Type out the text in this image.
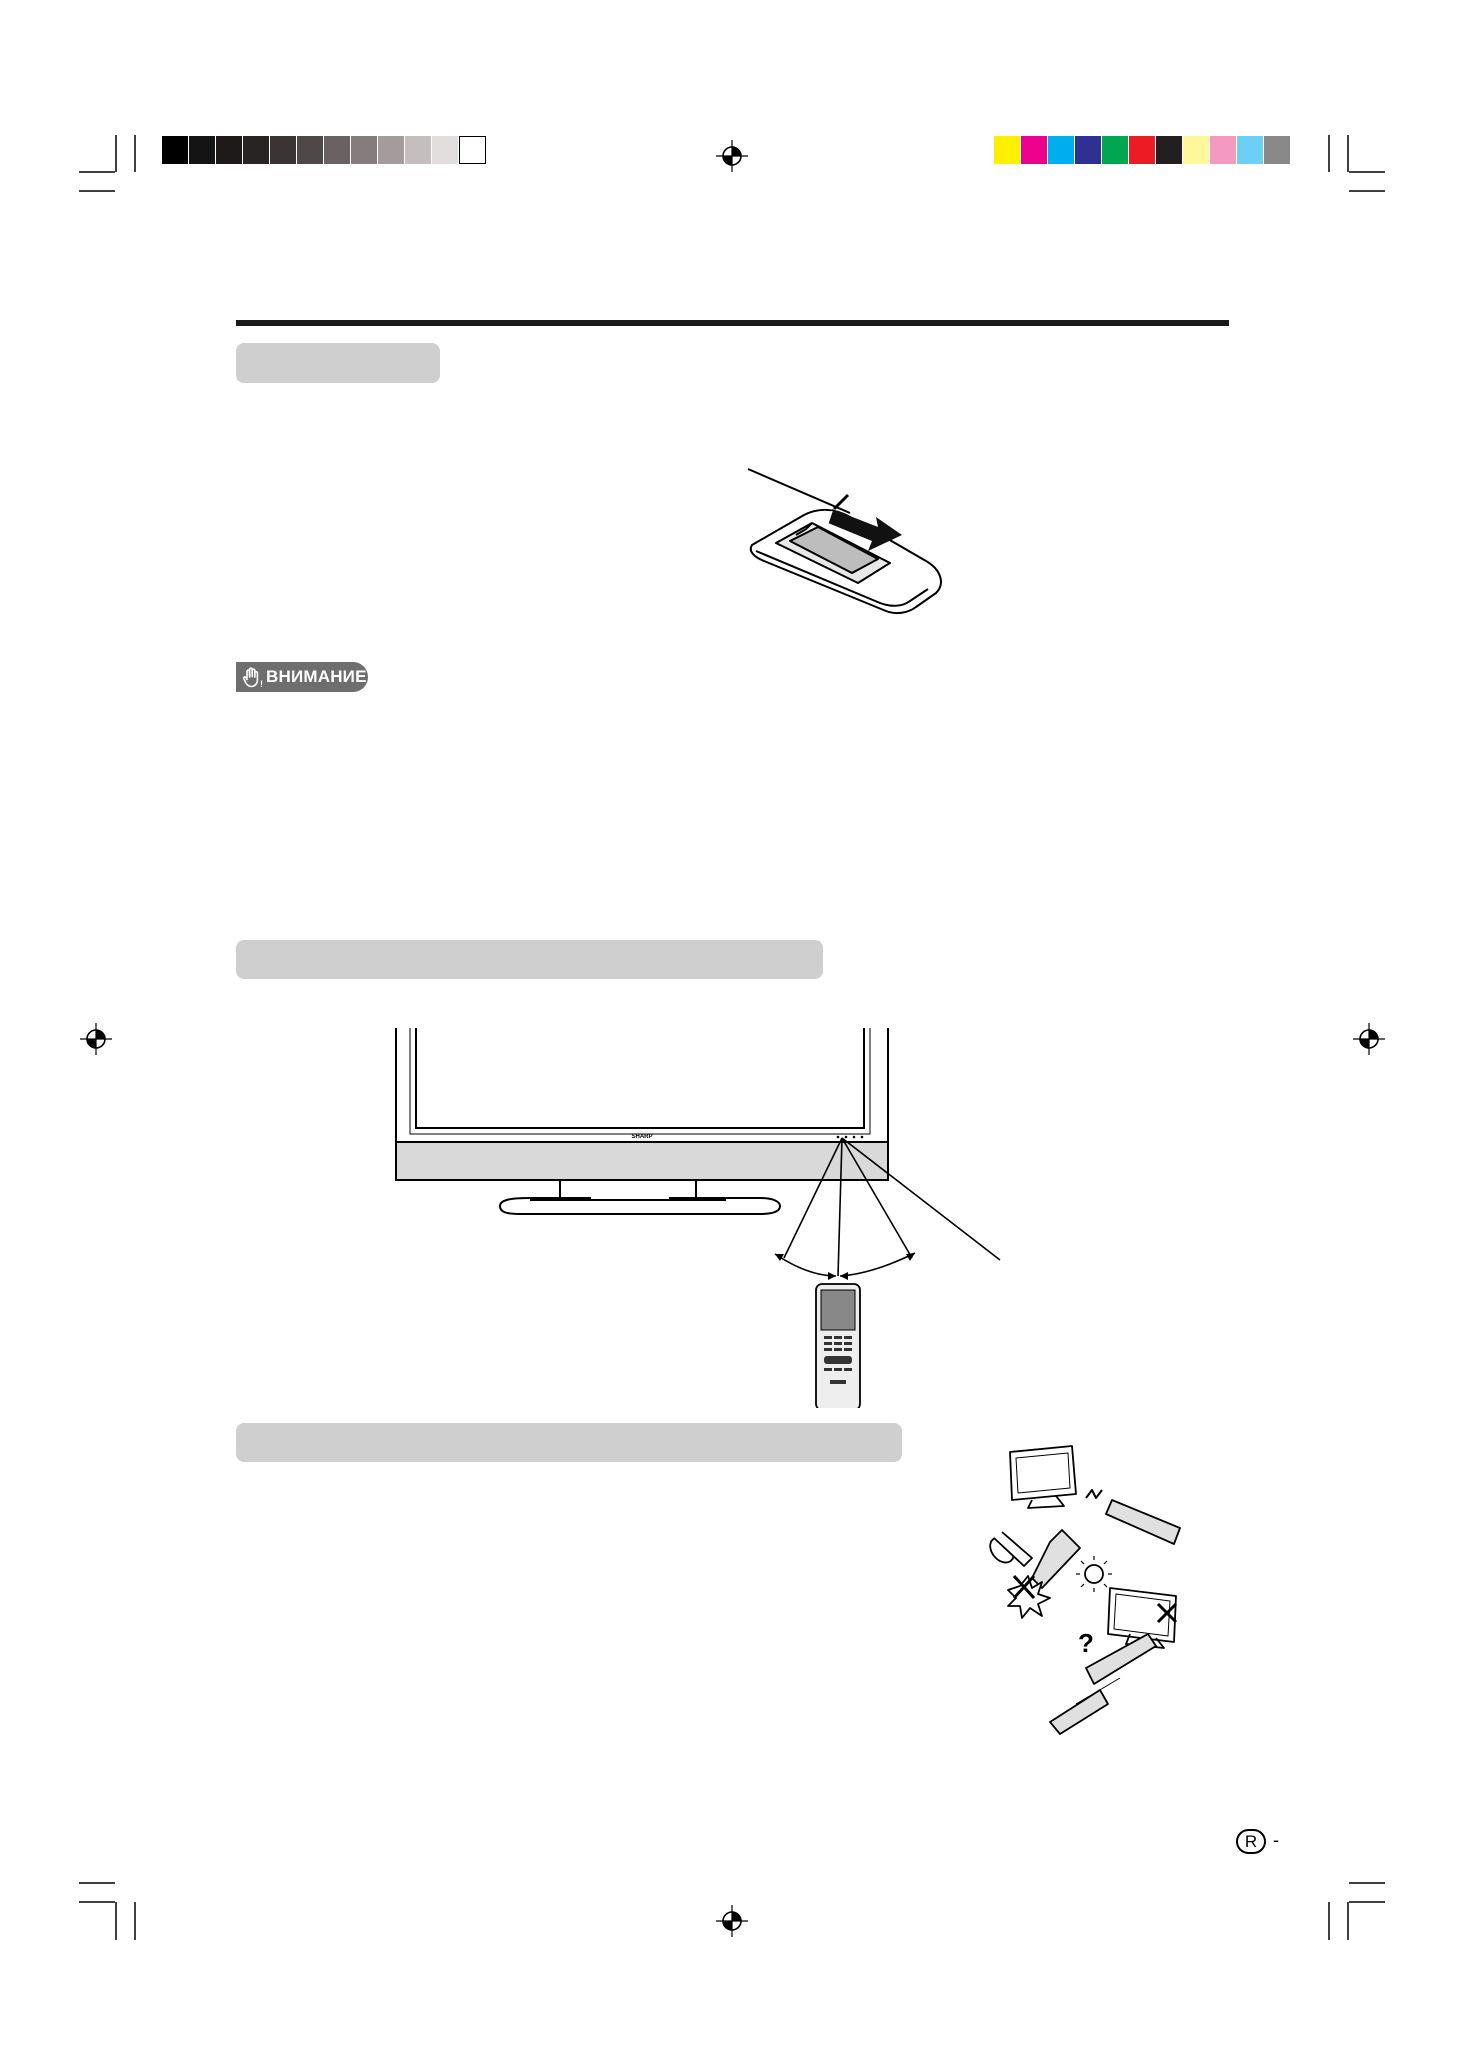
! ВНИМАНИЕ
SHARP
?
R -
